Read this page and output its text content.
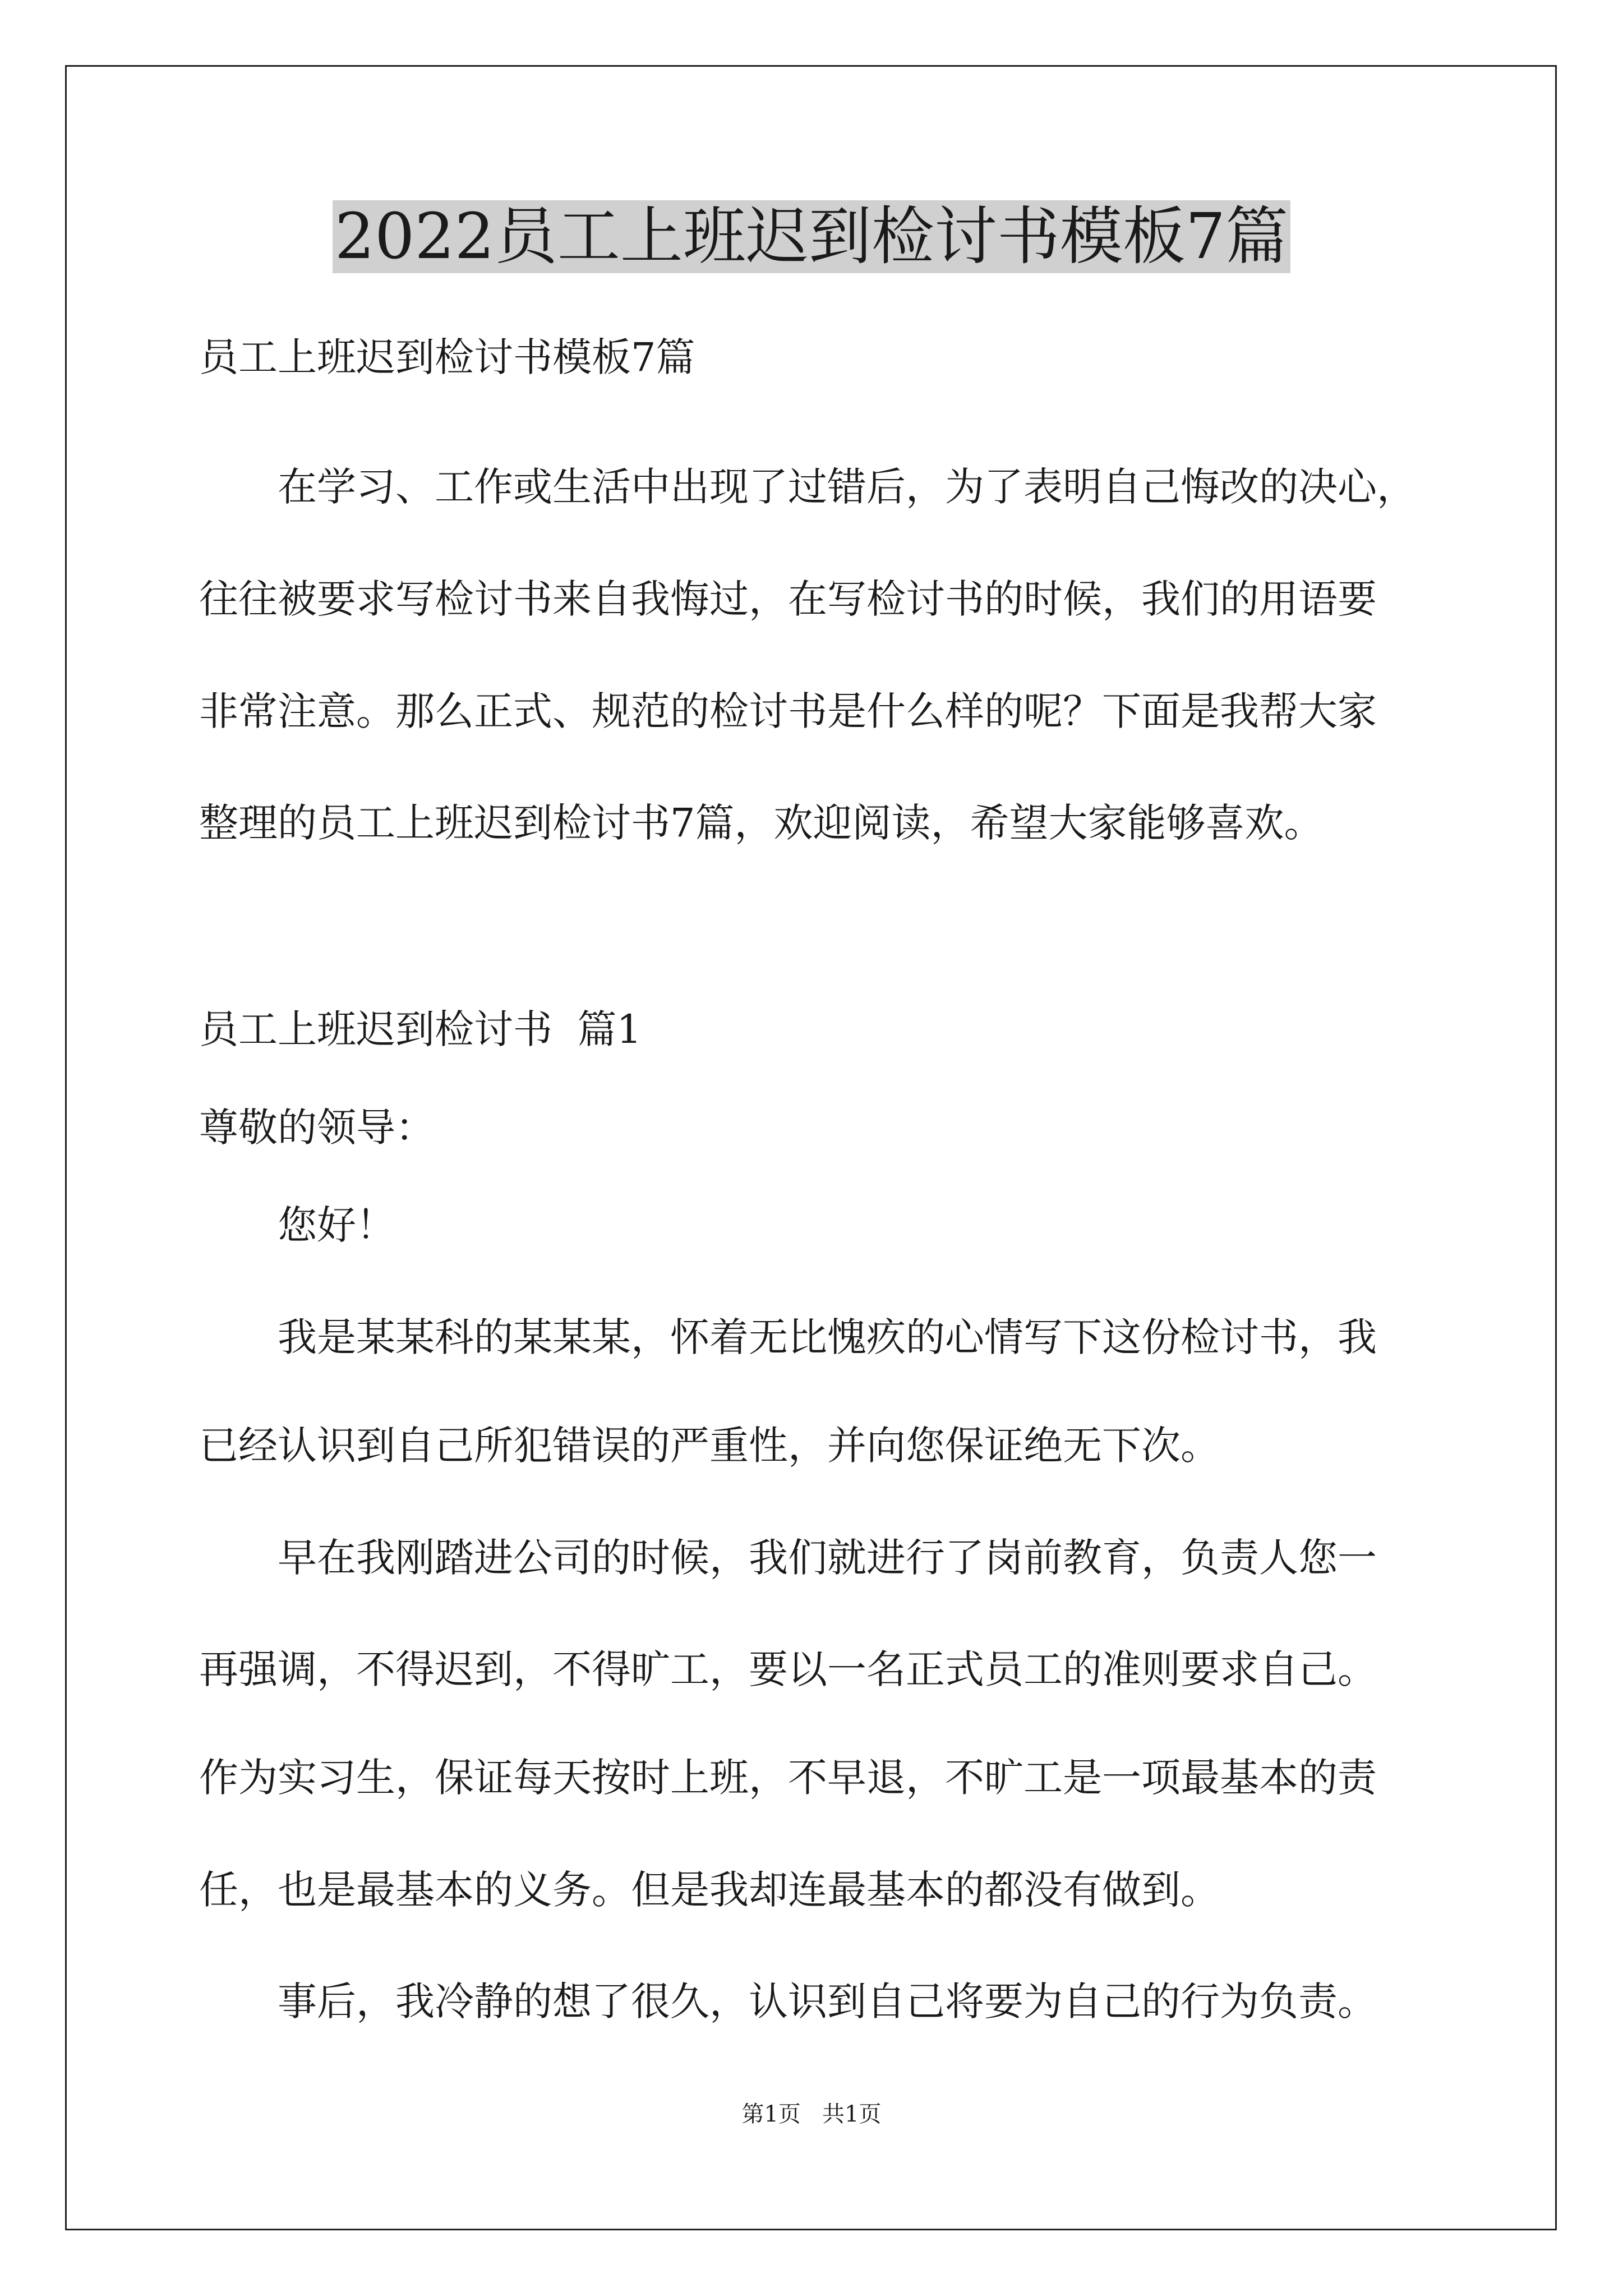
2022员工上班迟到检讨书模板7篇

员工上班迟到检讨书模板7篇

在学习、工作或生活中出现了过错后，为了表明自己悔改的决心，

往往被要求写检讨书来自我悔过，在写检讨书的时候，我们的用语要

非常注意。那么正式、规范的检讨书是什么样的呢？下面是我帮大家

整理的员工上班迟到检讨书7篇，欢迎阅读，希望大家能够喜欢。

员工上班迟到检讨书  篇1

尊敬的领导：

您好！

我是某某科的某某某，怀着无比愧疚的心情写下这份检讨书，我

已经认识到自己所犯错误的严重性，并向您保证绝无下次。

早在我刚踏进公司的时候，我们就进行了岗前教育，负责人您一

再强调，不得迟到，不得旷工，要以一名正式员工的准则要求自己。

作为实习生，保证每天按时上班，不早退，不旷工是一项最基本的责

任，也是最基本的义务。但是我却连最基本的都没有做到。

事后，我冷静的想了很久，认识到自己将要为自己的行为负责。

第1页   共1页
